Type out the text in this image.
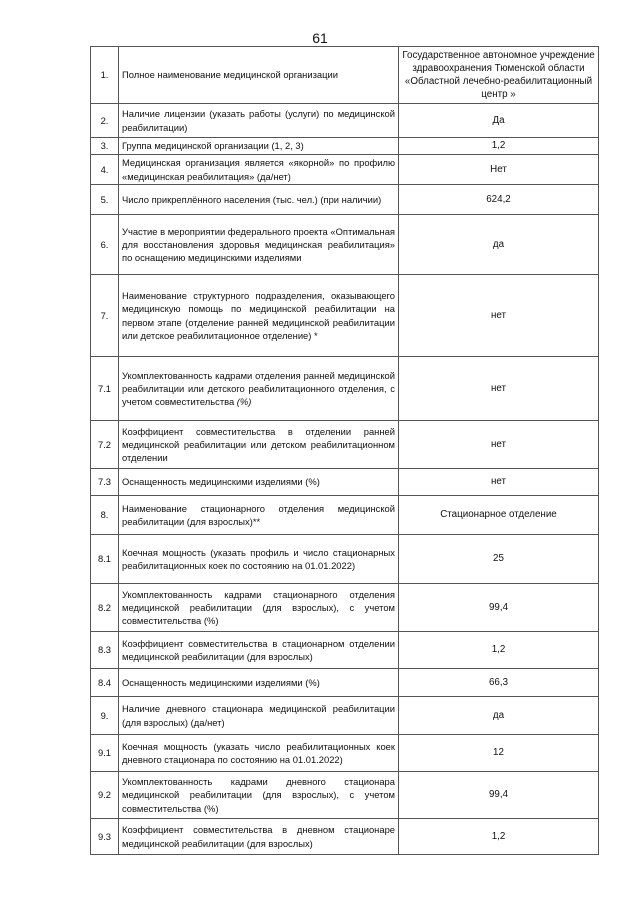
61
1.	Полное наименование медицинской организации	Государственное автономное учреждение здравоохранения Тюменской области «Областной лечебно-реабилитационный центр »
2.	Наличие лицензии (указать работы (услуги) по медицинской реабилитации)	Да
3.	Группа медицинской организации (1, 2, 3)	1,2
4.	Медицинская организация является «якорной» по профилю «медицинская реабилитация» (да/нет)	Нет
5.	Число прикреплённого населения (тыс. чел.) (при наличии)	624,2
6.	Участие в мероприятии федерального проекта «Оптимальная для восстановления здоровья медицинская реабилитация» по оснащению медицинскими изделиями	да
7.	Наименование структурного подразделения, оказывающего медицинскую помощь по медицинской реабилитации на первом этапе (отделение ранней медицинской реабилитации или детское реабилитационное отделение) *	нет
7.1	Укомплектованность кадрами отделения ранней медицинской реабилитации или детского реабилитационного отделения, с учетом совместительства (%)	нет
7.2	Коэффициент совместительства в отделении ранней медицинской реабилитации или детском реабилитационном отделении	нет
7.3	Оснащенность медицинскими изделиями (%)	нет
8.	Наименование стационарного отделения медицинской реабилитации (для взрослых)**	Стационарное отделение
8.1	Коечная мощность (указать профиль и число стационарных реабилитационных коек по состоянию на 01.01.2022)	25
8.2	Укомплектованность кадрами стационарного отделения медицинской реабилитации (для взрослых), с учетом совместительства (%)	99,4
8.3	Коэффициент совместительства в стационарном отделении медицинской реабилитации (для взрослых)	1,2
8.4	Оснащенность медицинскими изделиями (%)	66,3
9.	Наличие дневного стационара медицинской реабилитации (для взрослых) (да/нет)	да
9.1	Коечная мощность (указать число реабилитационных коек дневного стационара по состоянию на 01.01.2022)	12
9.2	Укомплектованность кадрами дневного стационара медицинской реабилитации (для взрослых), с учетом совместительства (%)	99,4
9.3	Коэффициент совместительства в дневном стационаре медицинской реабилитации (для взрослых)	1,2
